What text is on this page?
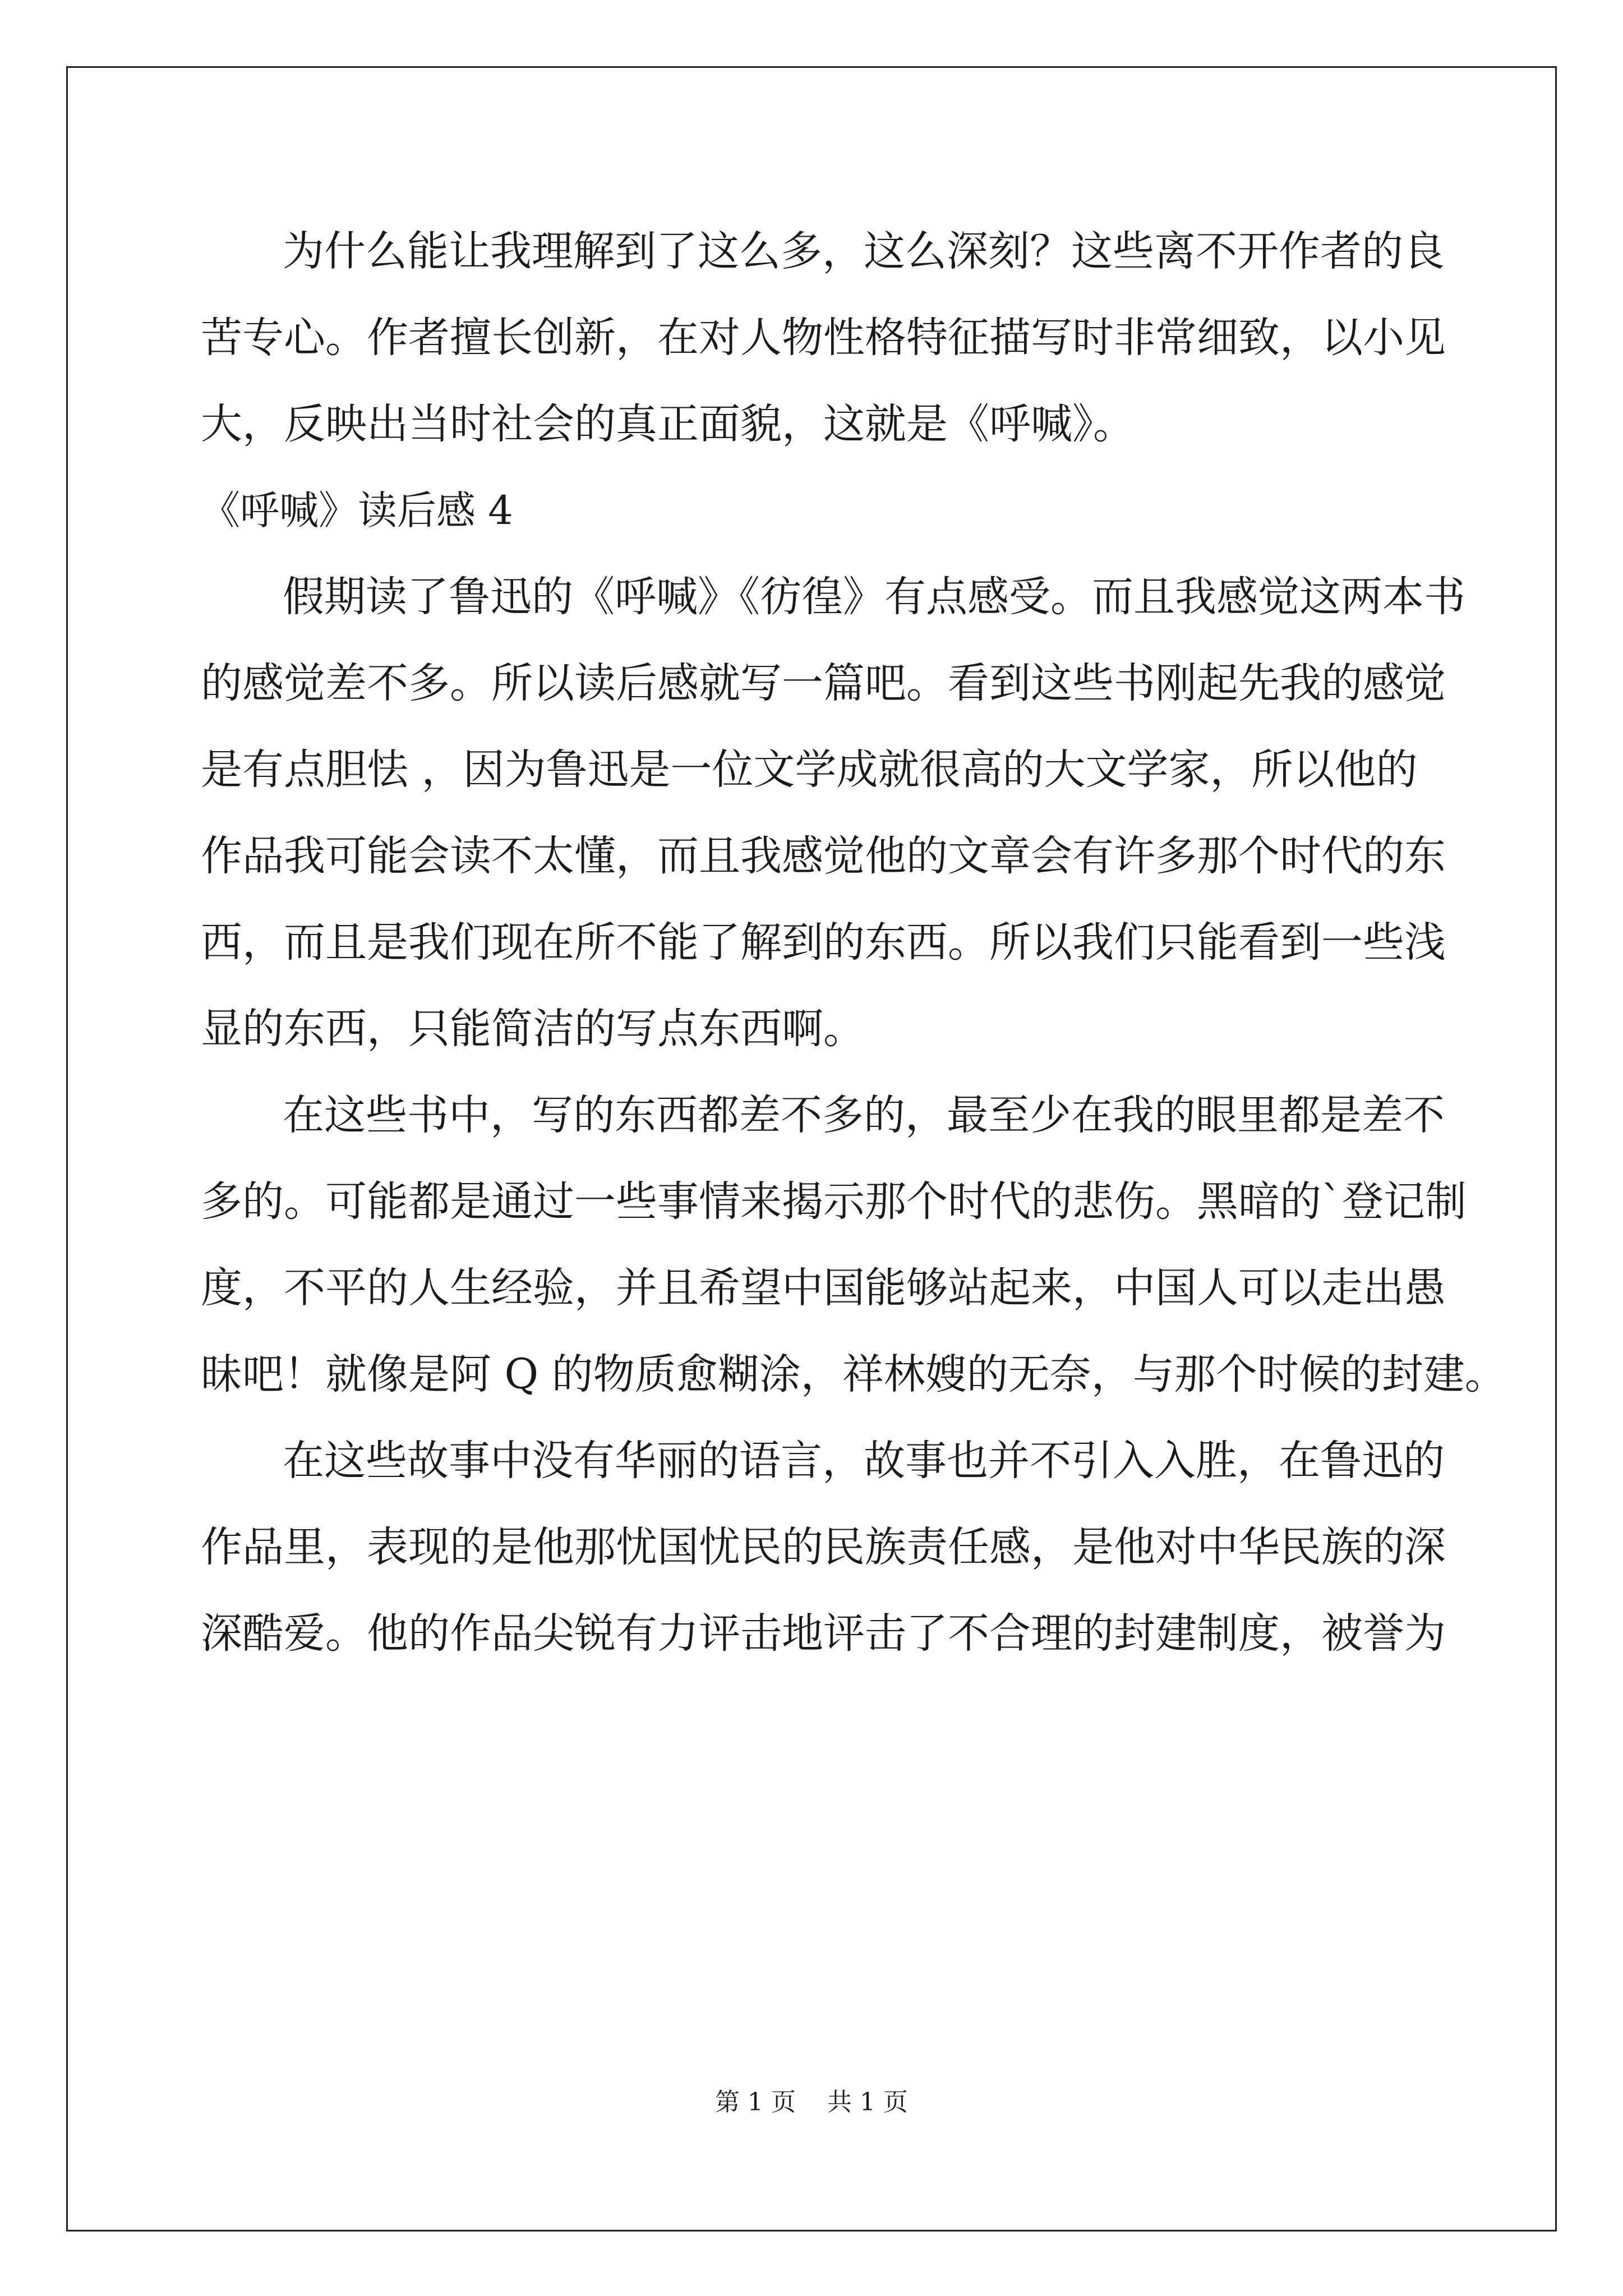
为什么能让我理解到了这么多，这么深刻？这些离不开作者的良
苦专心。作者擅长创新，在对人物性格特征描写时非常细致，以小见
大，反映出当时社会的真正面貌，这就是《呼喊》。
《呼喊》读后感 4
假期读了鲁迅的《呼喊》《彷徨》有点感受。而且我感觉这两本书
的感觉差不多。所以读后感就写一篇吧。看到这些书刚起先我的感觉
是有点胆怯 ，因为鲁迅是一位文学成就很高的大文学家，所以他的
作品我可能会读不太懂，而且我感觉他的文章会有许多那个时代的东
西，而且是我们现在所不能了解到的东西。所以我们只能看到一些浅
显的东西，只能简洁的写点东西啊。
在这些书中，写的东西都差不多的，最至少在我的眼里都是差不
多的。可能都是通过一些事情来揭示那个时代的悲伤。黑暗的`登记制
度，不平的人生经验，并且希望中国能够站起来，中国人可以走出愚
昧吧！就像是阿 Q 的物质愈糊涂，祥林嫂的无奈，与那个时候的封建。
在这些故事中没有华丽的语言，故事也并不引入入胜，在鲁迅的
作品里，表现的是他那忧国忧民的民族责任感，是他对中华民族的深
深酷爱。他的作品尖锐有力评击地评击了不合理的封建制度，被誉为
第 1 页    共 1 页
